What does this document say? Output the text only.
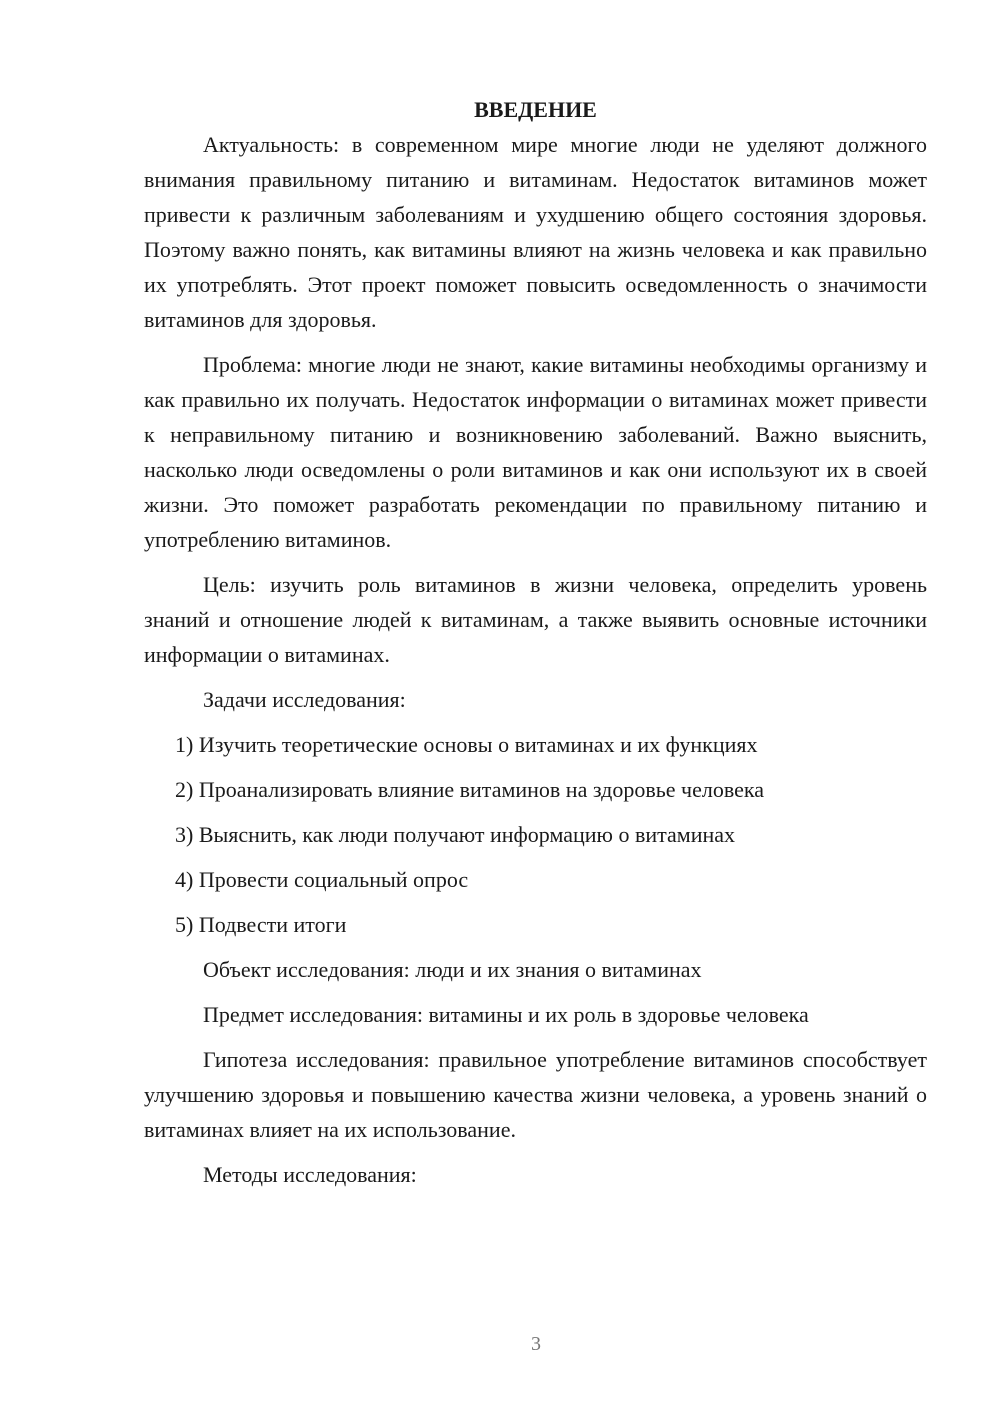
ВВЕДЕНИЕ

Актуальность: в современном мире многие люди не уделяют должного внимания правильному питанию и витаминам. Недостаток витаминов может привести к различным заболеваниям и ухудшению общего состояния здоровья. Поэтому важно понять, как витамины влияют на жизнь человека и как правильно их употреблять. Этот проект поможет повысить осведомленность о значимости витаминов для здоровья.

Проблема: многие люди не знают, какие витамины необходимы организму и как правильно их получать. Недостаток информации о витаминах может привести к неправильному питанию и возникновению заболеваний. Важно выяснить, насколько люди осведомлены о роли витаминов и как они используют их в своей жизни. Это поможет разработать рекомендации по правильному питанию и употреблению витаминов.

Цель: изучить роль витаминов в жизни человека, определить уровень знаний и отношение людей к витаминам, а также выявить основные источники информации о витаминах.

Задачи исследования:
1) Изучить теоретические основы о витаминах и их функциях
2) Проанализировать влияние витаминов на здоровье человека
3) Выяснить, как люди получают информацию о витаминах
4) Провести социальный опрос
5) Подвести итоги
Объект исследования: люди и их знания о витаминах
Предмет исследования: витамины и их роль в здоровье человека

Гипотеза исследования: правильное употребление витаминов способствует улучшению здоровья и повышению качества жизни человека, а уровень знаний о витаминах влияет на их использование.

Методы исследования:
3
